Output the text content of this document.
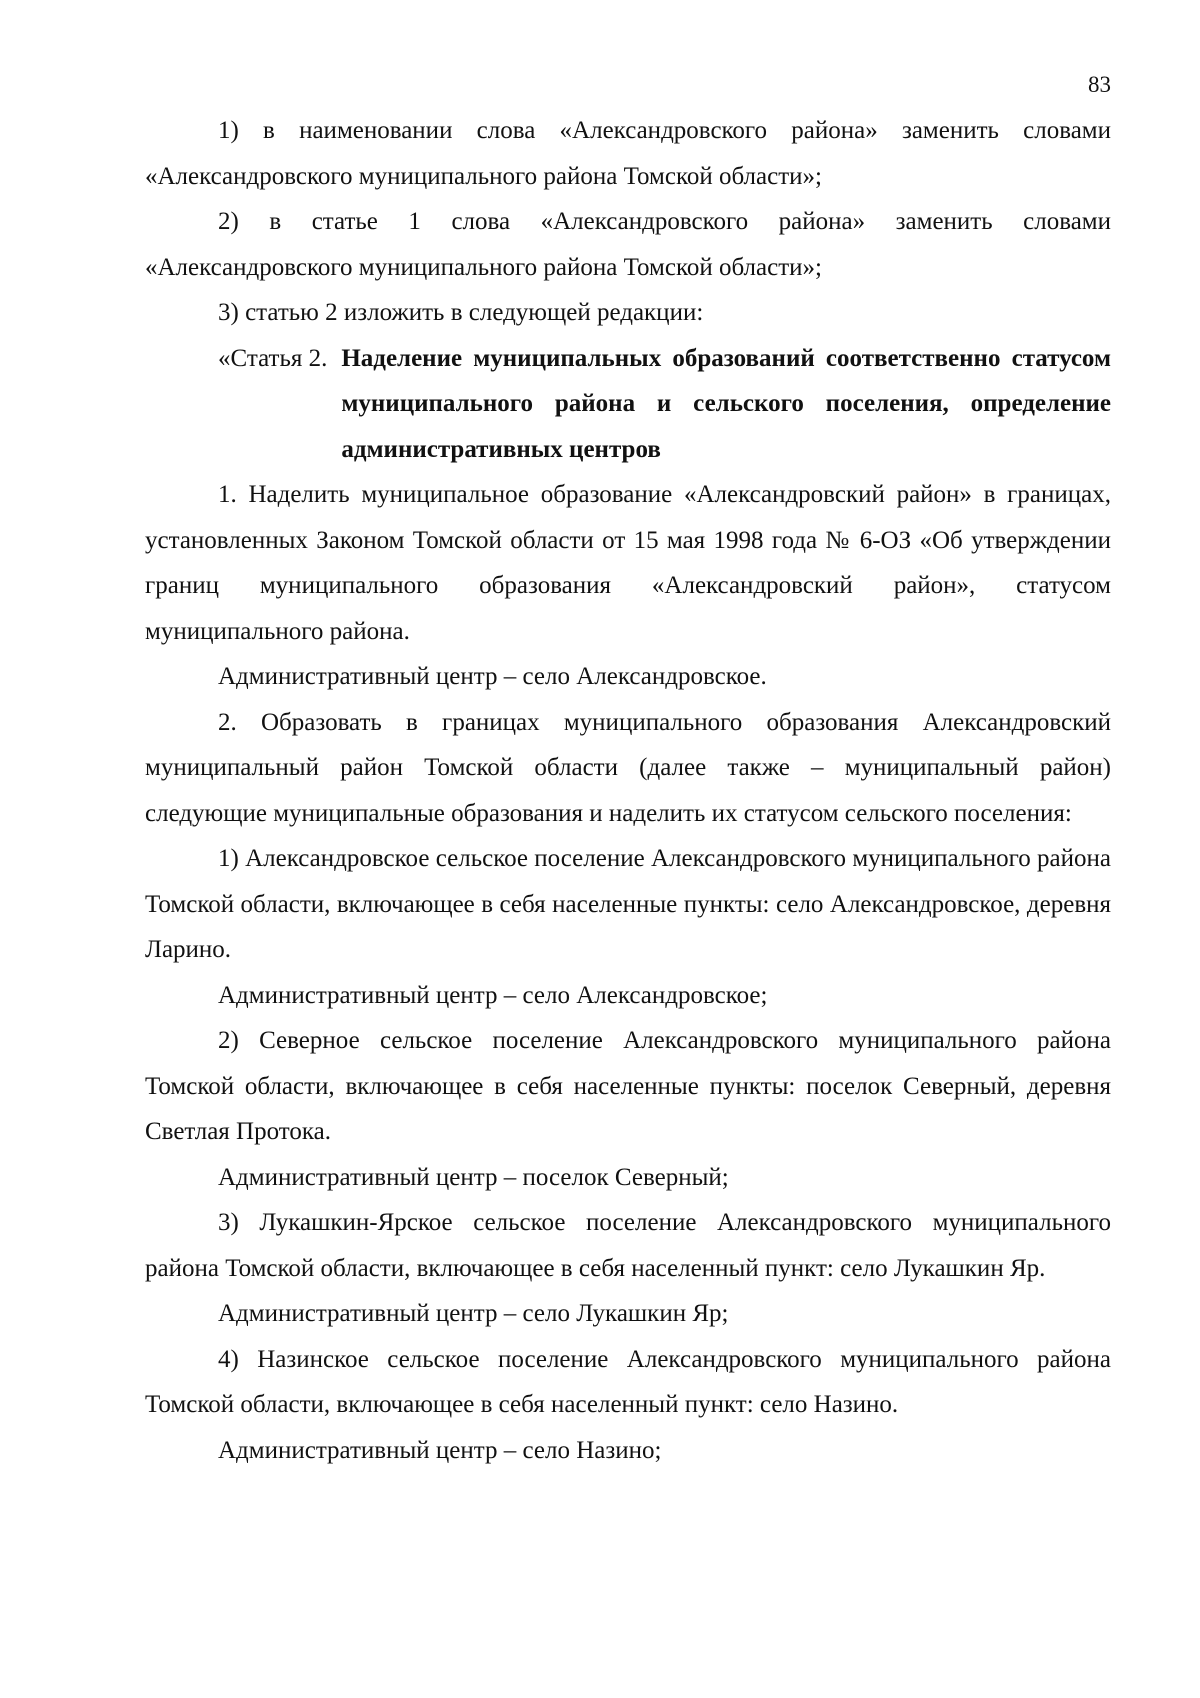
83

1) в наименовании слова «Александровского района» заменить словами «Александровского муниципального района Томской области»;

2) в статье 1 слова «Александровского района» заменить словами «Александровского муниципального района Томской области»;

3) статью 2 изложить в следующей редакции:

«Статья 2. Наделение муниципальных образований соответственно статусом муниципального района и сельского поселения, определение административных центров

1. Наделить муниципальное образование «Александровский район» в границах, установленных Законом Томской области от 15 мая 1998 года № 6-ОЗ «Об утверждении границ муниципального образования «Александровский район», статусом муниципального района.

Административный центр – село Александровское.

2. Образовать в границах муниципального образования Александровский муниципальный район Томской области (далее также – муниципальный район) следующие муниципальные образования и наделить их статусом сельского поселения:

1) Александровское сельское поселение Александровского муниципального района Томской области, включающее в себя населенные пункты: село Александровское, деревня Ларино.

Административный центр – село Александровское;

2) Северное сельское поселение Александровского муниципального района Томской области, включающее в себя населенные пункты: поселок Северный, деревня Светлая Протока.

Административный центр – поселок Северный;

3) Лукашкин-Ярское сельское поселение Александровского муниципального района Томской области, включающее в себя населенный пункт: село Лукашкин Яр.

Административный центр – село Лукашкин Яр;

4) Назинское сельское поселение Александровского муниципального района Томской области, включающее в себя населенный пункт: село Назино.

Административный центр – село Назино;
